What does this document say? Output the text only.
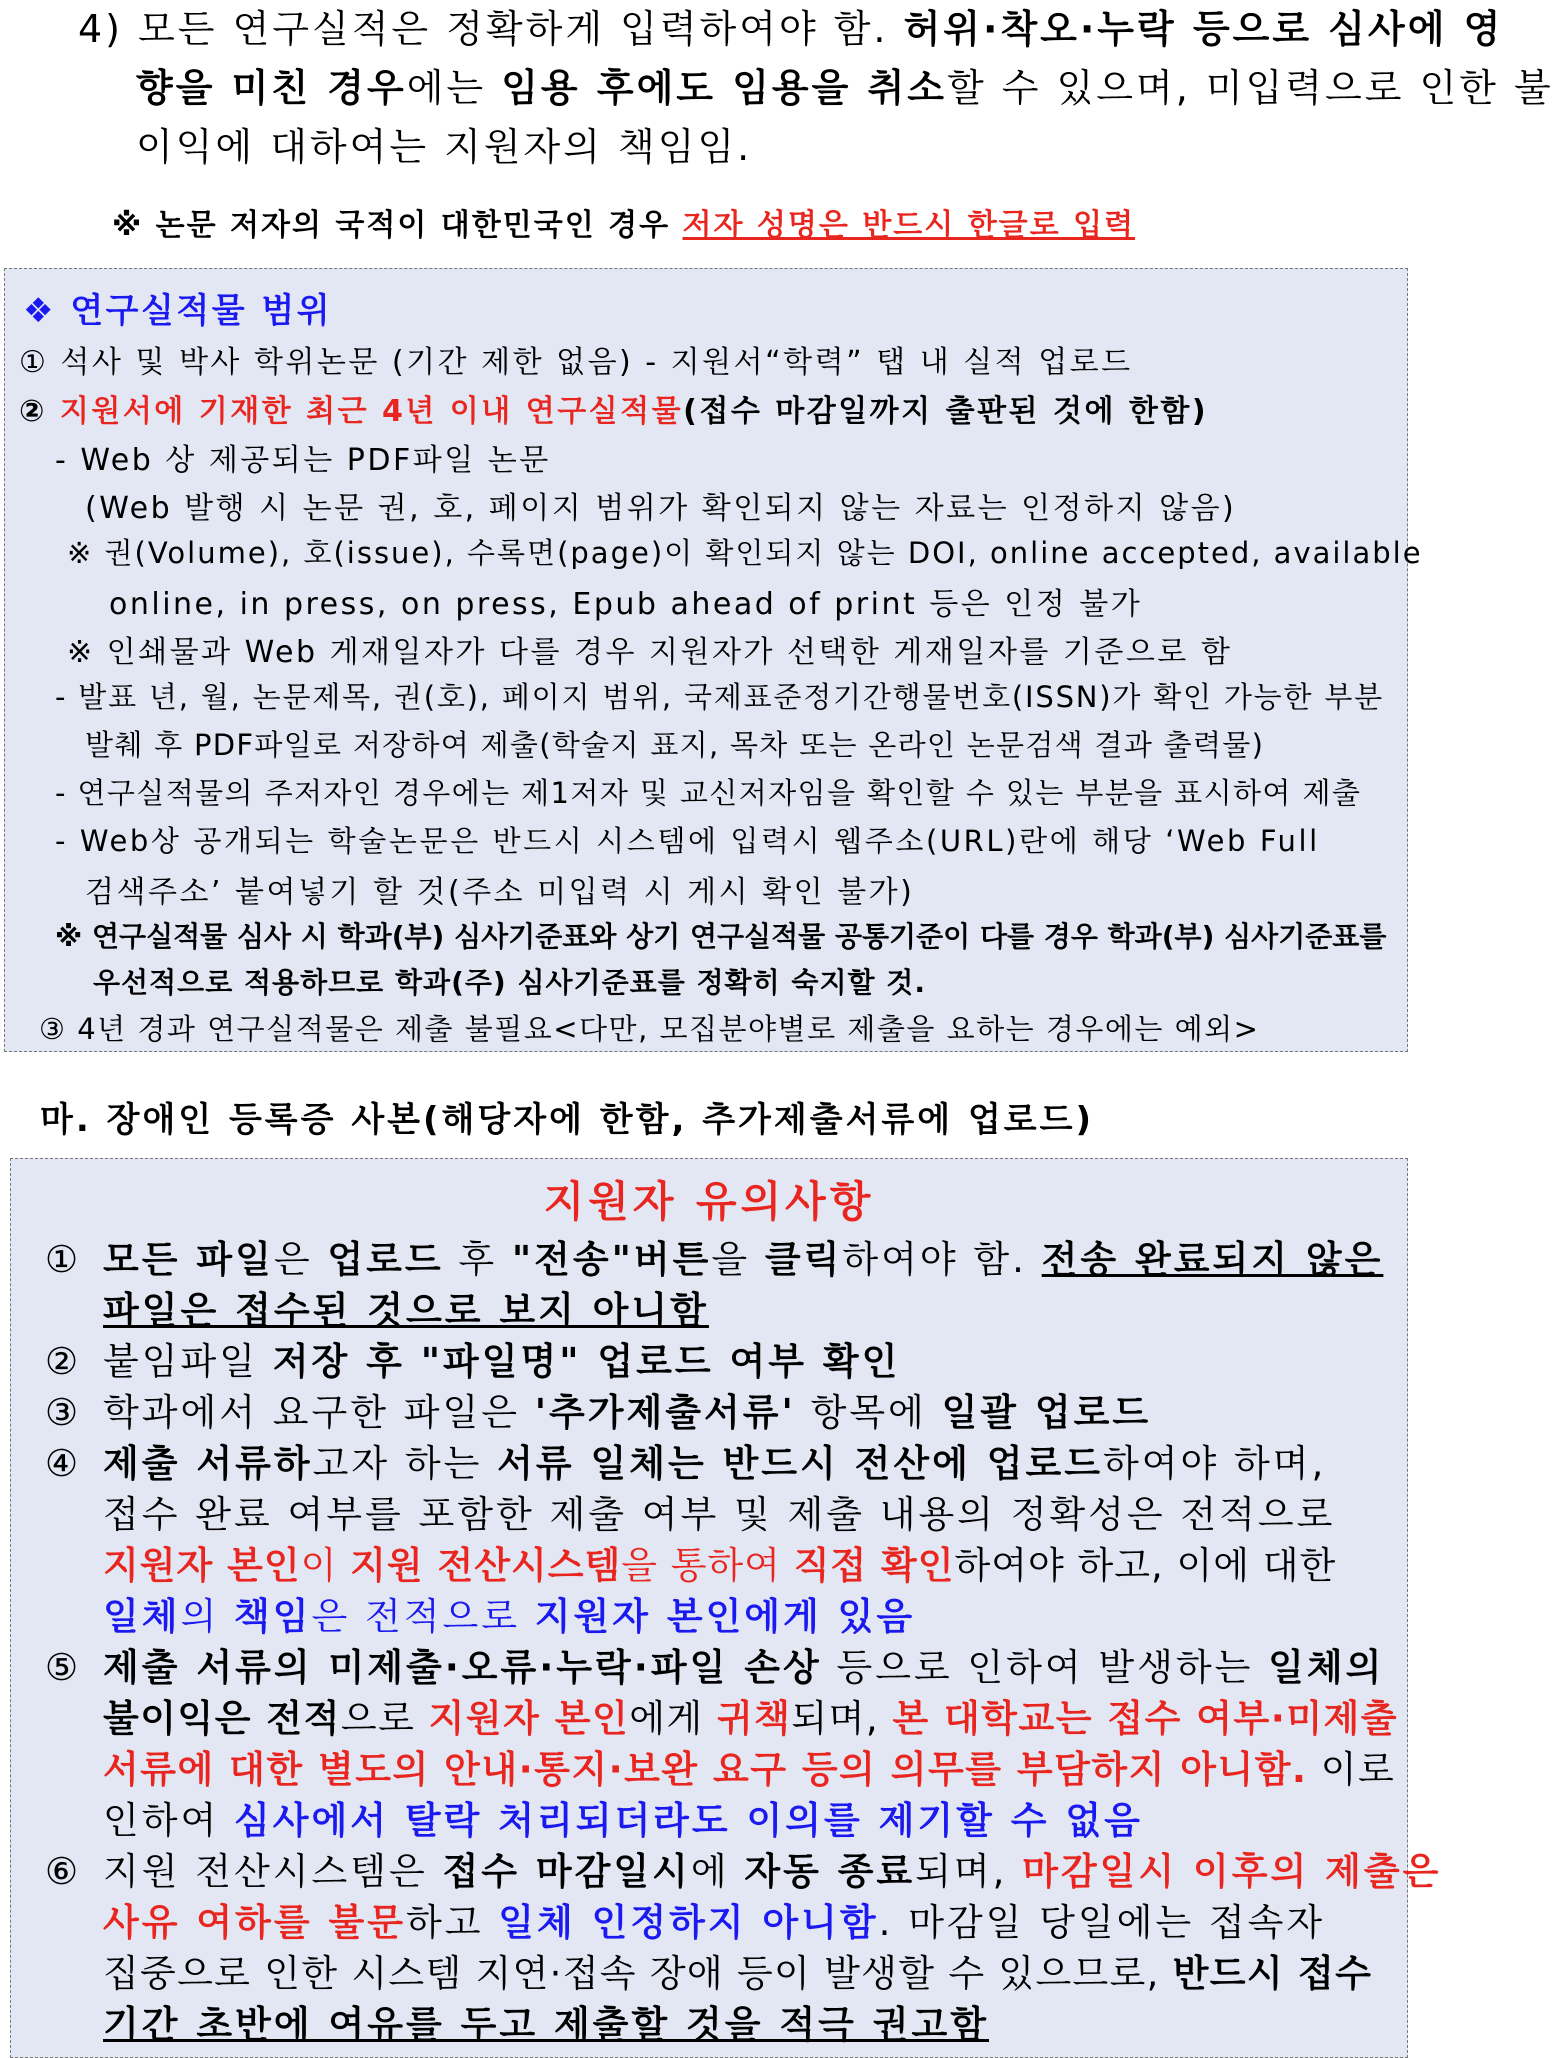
4) 모든 연구실적은 정확하게 입력하여야 함. 허위·착오·누락 등으로 심사에 영
향을 미친 경우에는 임용 후에도 임용을 취소할 수 있으며, 미입력으로 인한 불
이익에 대하여는 지원자의 책임임.
※ 논문 저자의 국적이 대한민국인 경우 저자 성명은 반드시 한글로 입력
❖ 연구실적물 범위
① 석사 및 박사 학위논문 (기간 제한 없음) - 지원서“학력” 탭 내 실적 업로드
② 지원서에 기재한 최근 4년 이내 연구실적물(접수 마감일까지 출판된 것에 한함)
- Web 상 제공되는 PDF파일 논문
(Web 발행 시 논문 권, 호, 페이지 범위가 확인되지 않는 자료는 인정하지 않음)
※ 권(Volume), 호(issue), 수록면(page)이 확인되지 않는 DOI, online accepted, available
online, in press, on press, Epub ahead of print 등은 인정 불가
※ 인쇄물과 Web 게재일자가 다를 경우 지원자가 선택한 게재일자를 기준으로 함
- 발표 년, 월, 논문제목, 권(호), 페이지 범위, 국제표준정기간행물번호(ISSN)가 확인 가능한 부분
발췌 후 PDF파일로 저장하여 제출(학술지 표지, 목차 또는 온라인 논문검색 결과 출력물)
- 연구실적물의 주저자인 경우에는 제1저자 및 교신저자임을 확인할 수 있는 부분을 표시하여 제출
- Web상 공개되는 학술논문은 반드시 시스템에 입력시 웹주소(URL)란에 해당 ‘Web Full
검색주소’ 붙여넣기 할 것(주소 미입력 시 게시 확인 불가)
※ 연구실적물 심사 시 학과(부) 심사기준표와 상기 연구실적물 공통기준이 다를 경우 학과(부) 심사기준표를
우선적으로 적용하므로 학과(주) 심사기준표를 정확히 숙지할 것.
③ 4년 경과 연구실적물은 제출 불필요<다만, 모집분야별로 제출을 요하는 경우에는 예외>
마. 장애인 등록증 사본(해당자에 한함, 추가제출서류에 업로드)
지원자 유의사항
① 모든 파일은 업로드 후 "전송"버튼을 클릭하여야 함. 전송 완료되지 않은
파일은 접수된 것으로 보지 아니함
② 붙임파일 저장 후 "파일명" 업로드 여부 확인
③ 학과에서 요구한 파일은 '추가제출서류' 항목에 일괄 업로드
④ 제출 서류하고자 하는 서류 일체는 반드시 전산에 업로드하여야 하며,
접수 완료 여부를 포함한 제출 여부 및 제출 내용의 정확성은 전적으로
지원자 본인이 지원 전산시스템을 통하여 직접 확인하여야 하고, 이에 대한
일체의 책임은 전적으로 지원자 본인에게 있음
⑤ 제출 서류의 미제출·오류·누락·파일 손상 등으로 인하여 발생하는 일체의
불이익은 전적으로 지원자 본인에게 귀책되며, 본 대학교는 접수 여부·미제출
서류에 대한 별도의 안내·통지·보완 요구 등의 의무를 부담하지 아니함. 이로
인하여 심사에서 탈락 처리되더라도 이의를 제기할 수 없음
⑥ 지원 전산시스템은 접수 마감일시에 자동 종료되며, 마감일시 이후의 제출은
사유 여하를 불문하고 일체 인정하지 아니함. 마감일 당일에는 접속자
집중으로 인한 시스템 지연·접속 장애 등이 발생할 수 있으므로, 반드시 접수
기간 초반에 여유를 두고 제출할 것을 적극 권고함
